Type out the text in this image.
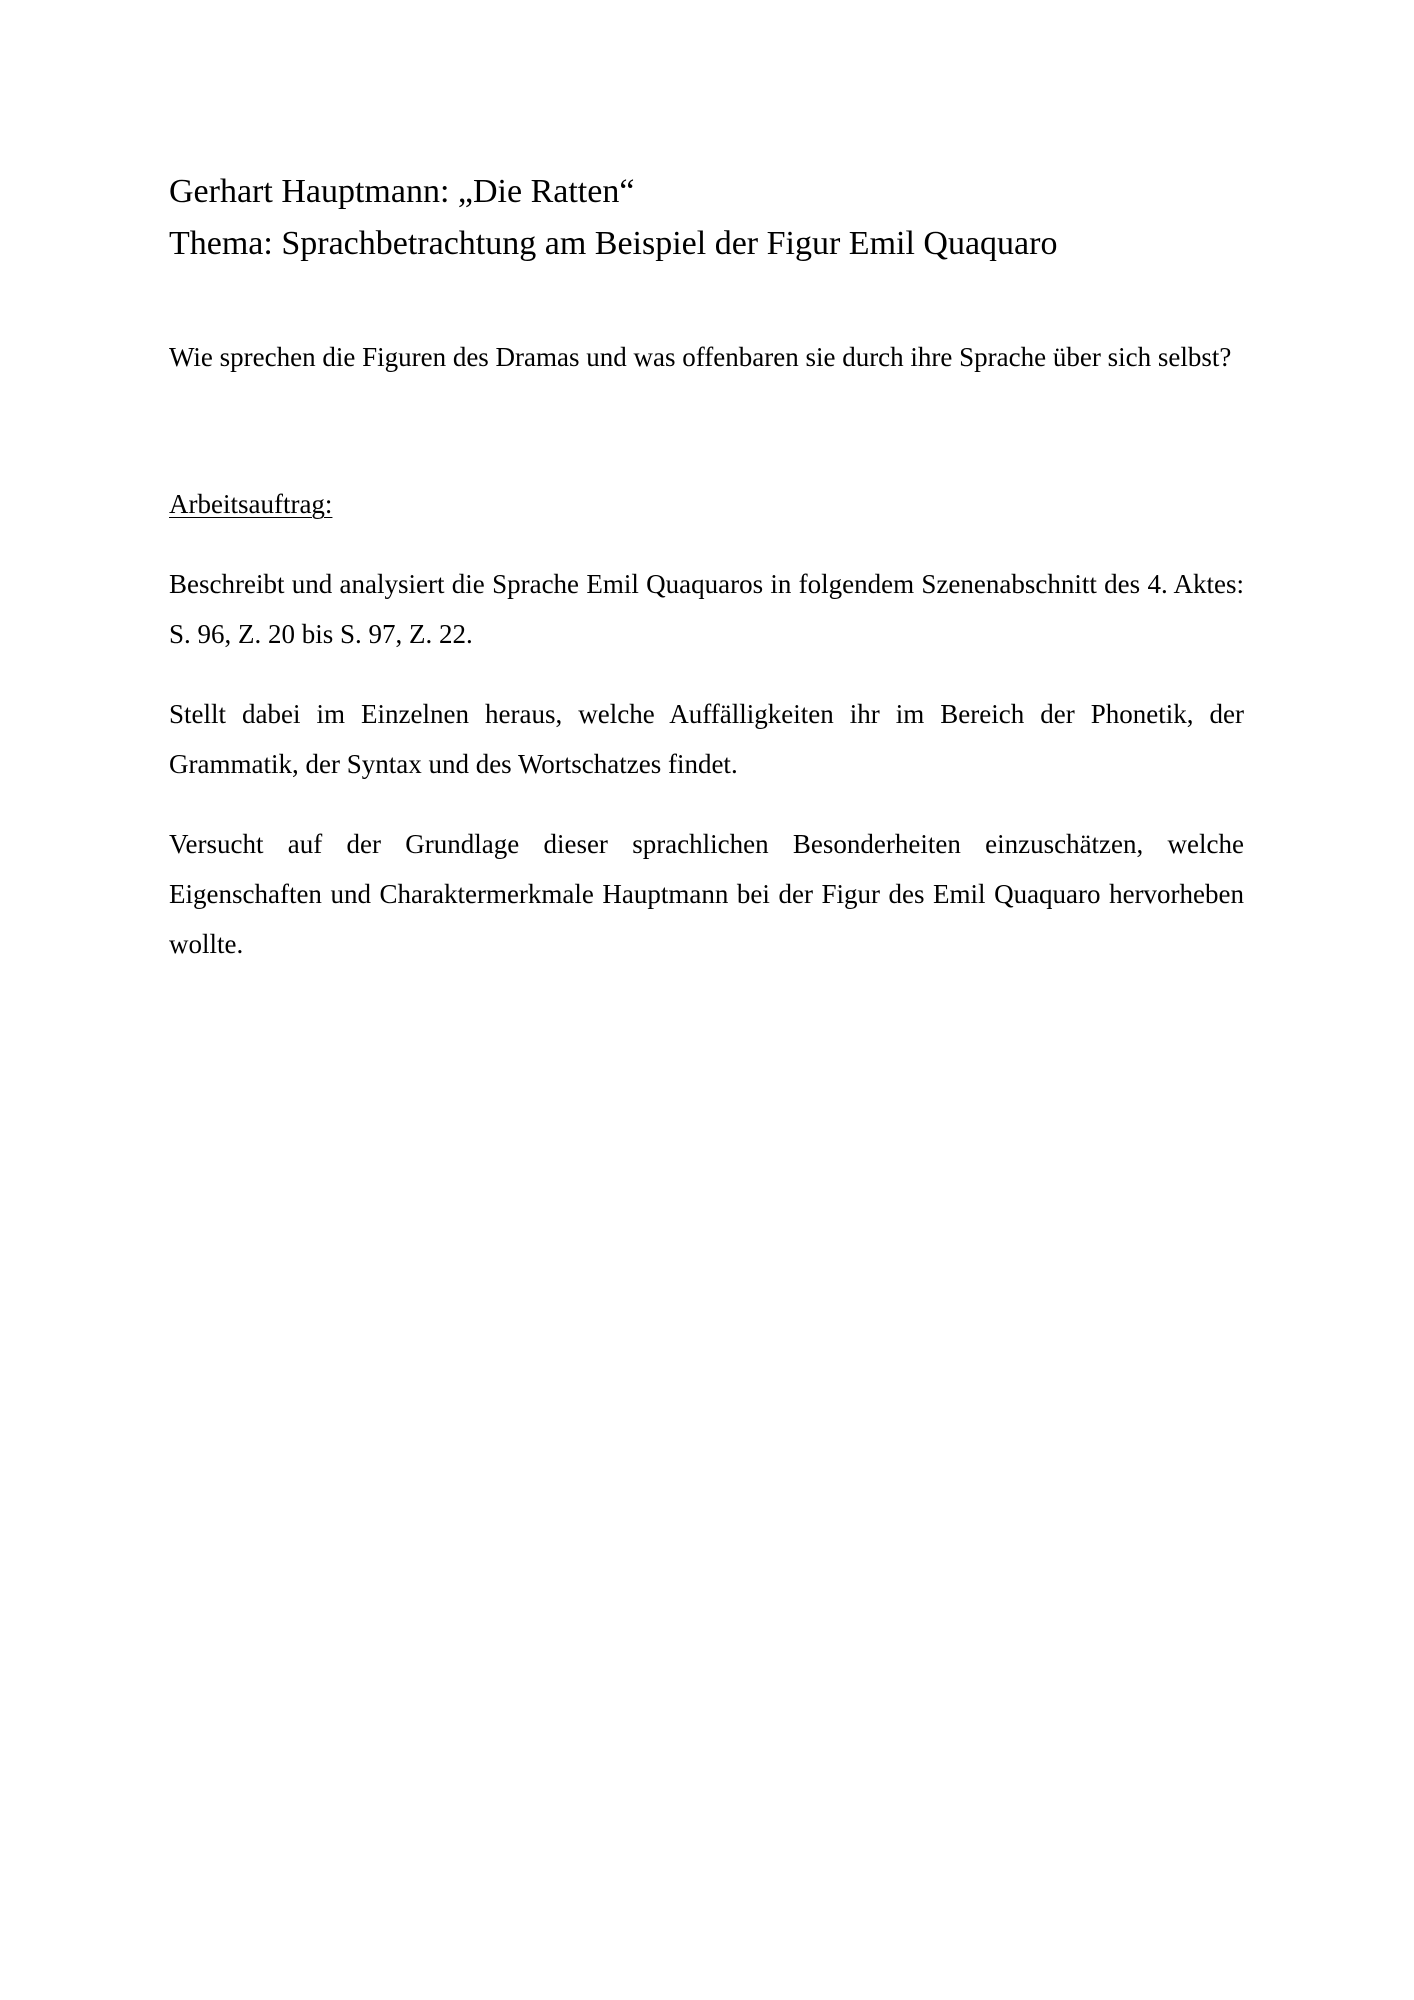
Gerhart Hauptmann: „Die Ratten“

Thema: Sprachbetrachtung am Beispiel der Figur Emil Quaquaro

Wie sprechen die Figuren des Dramas und was offenbaren sie durch ihre Sprache über sich selbst?

Arbeitsauftrag:

Beschreibt und analysiert die Sprache Emil Quaquaros in folgendem Szenenabschnitt des 4. Aktes: S. 96, Z. 20 bis S. 97, Z. 22.

Stellt dabei im Einzelnen heraus, welche Auffälligkeiten ihr im Bereich der Phonetik, der Grammatik, der Syntax und des Wortschatzes findet.

Versucht auf der Grundlage dieser sprachlichen Besonderheiten einzuschätzen, welche Eigenschaften und Charaktermerkmale Hauptmann bei der Figur des Emil Quaquaro hervorheben wollte.
